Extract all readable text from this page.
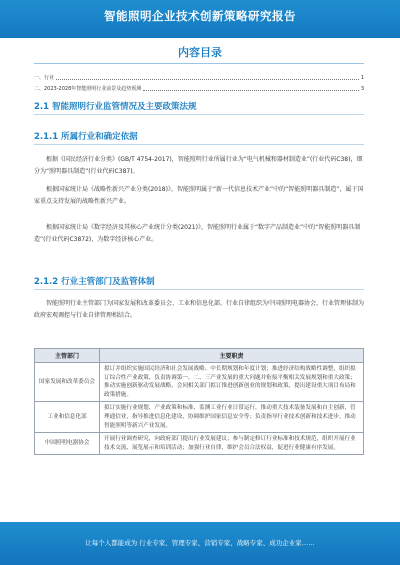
智能照明企业技术创新策略研究报告
内容目录
一、行业	1
二、2023-2028年智能照明行业前景及趋势预测	3
2.1 智能照明行业监管情况及主要政策法规
2.1.1 所属行业和确定依据
根据《国民经济行业分类》(GB/T 4754-2017)，智能照明行业所属行业为“电气机械和器材制造业”(行业代码C38)，细分为“照明器具制造”(行业代码C387)。
根据国家统计局《战略性新兴产业分类(2018)》，智能照明属于“新一代信息技术产业”中的“智能照明器具制造”，属于国家重点支持发展的战略性新兴产业。
根据国家统计局《数字经济及其核心产业统计分类(2021)》，智能照明行业属于“数字产品制造业”中的“智能照明器具制造”(行业代码C3872)，为数字经济核心产业。
2.1.2 行业主管部门及监管体制
智能照明行业主管部门为国家发展和改革委员会、工业和信息化部，行业自律组织为中国照明电器协会，行业管理体制为政府宏观调控与行业自律管理相结合。
主管部门	主要职责
国家发展和改革委员会	拟订并组织实施国民经济和社会发展战略、中长期规划和年度计划；推进经济结构战略性调整，组织拟订综合性产业政策，负责协调第一、二、三产业发展的重大问题并衔接平衡相关发展规划和重大政策；推动实施创新驱动发展战略，会同相关部门拟订推进创新创业的规划和政策，提出建设重大项目布局和政策措施。
工业和信息化部	拟订实施行业规划、产业政策和标准，监测工业行业日常运行，推动重大技术装备发展和自主创新，管理通信业，指导推进信息化建设，协调维护国家信息安全等；负责指导行业技术创新和技术进步，推动智能照明等新兴产业发展。
中国照明电器协会	开展行业调查研究，向政府部门提出行业发展建议；参与制定修订行业标准和技术规范，组织开展行业技术交流、展览展示和培训活动；加强行业自律，维护会员合法权益，促进行业健康有序发展。
让每个人都能成为 行业专家、管理专家、营销专家、战略专家、成功企业家……
